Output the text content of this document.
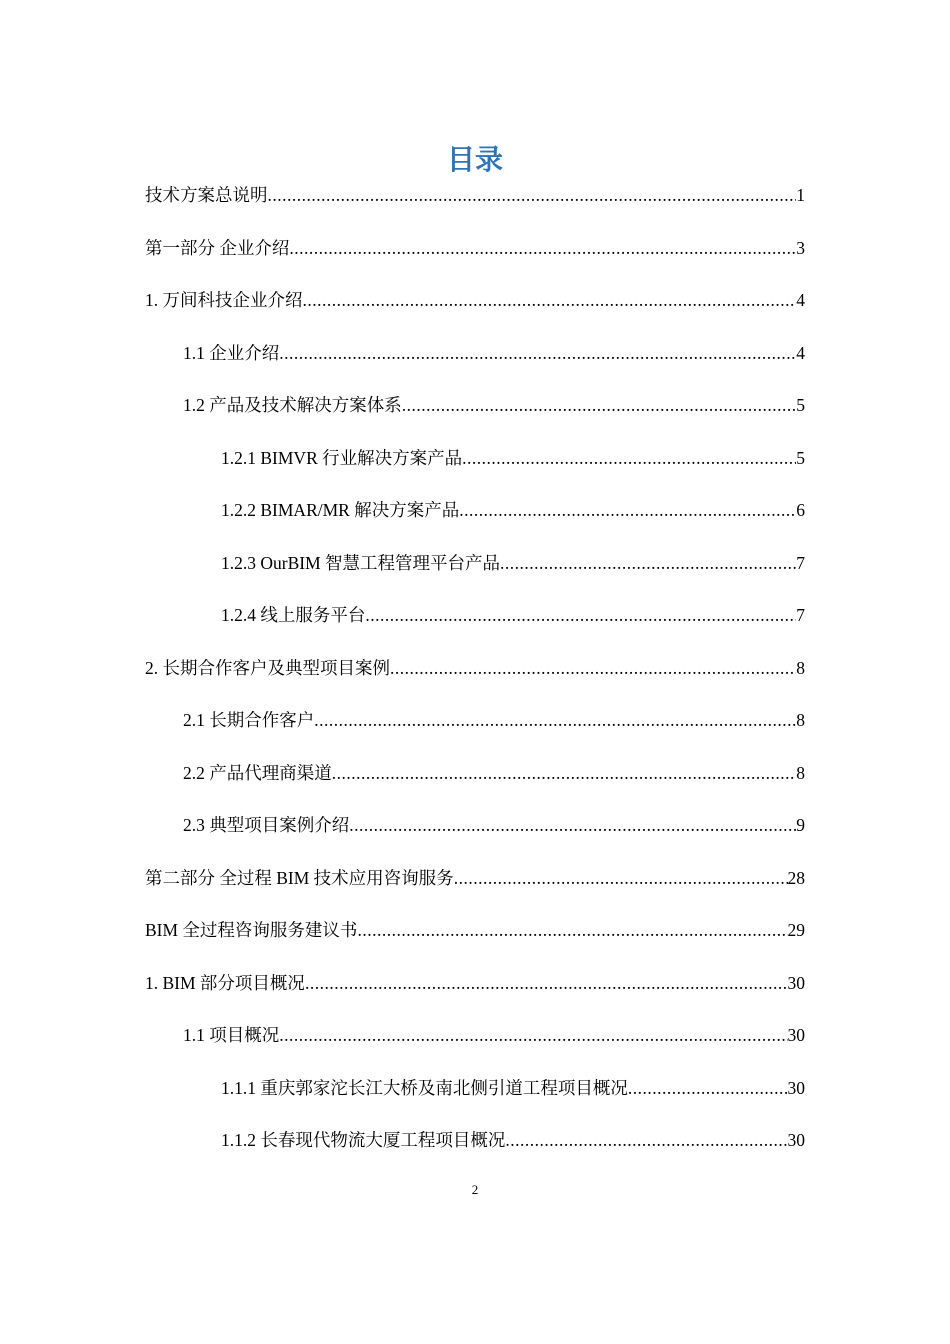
目录
技术方案总说明 .....	1
第一部分 企业介绍 .....	3
1. 万间科技企业介绍 .....	4
1.1 企业介绍 .....	4
1.2 产品及技术解决方案体系 .....	5
1.2.1 BIMVR 行业解决方案产品 .....	5
1.2.2 BIMAR/MR 解决方案产品 .....	6
1.2.3 OurBIM 智慧工程管理平台产品 .....	7
1.2.4 线上服务平台 .....	7
2. 长期合作客户及典型项目案例 .....	8
2.1 长期合作客户 .....	8
2.2 产品代理商渠道 .....	8
2.3 典型项目案例介绍 .....	9
第二部分 全过程 BIM 技术应用咨询服务 .....	28
BIM 全过程咨询服务建议书 .....	29
1. BIM 部分项目概况 .....	30
1.1 项目概况 .....	30
1.1.1 重庆郭家沱长江大桥及南北侧引道工程项目概况 .....	30
1.1.2 长春现代物流大厦工程项目概况 .....	30
2
